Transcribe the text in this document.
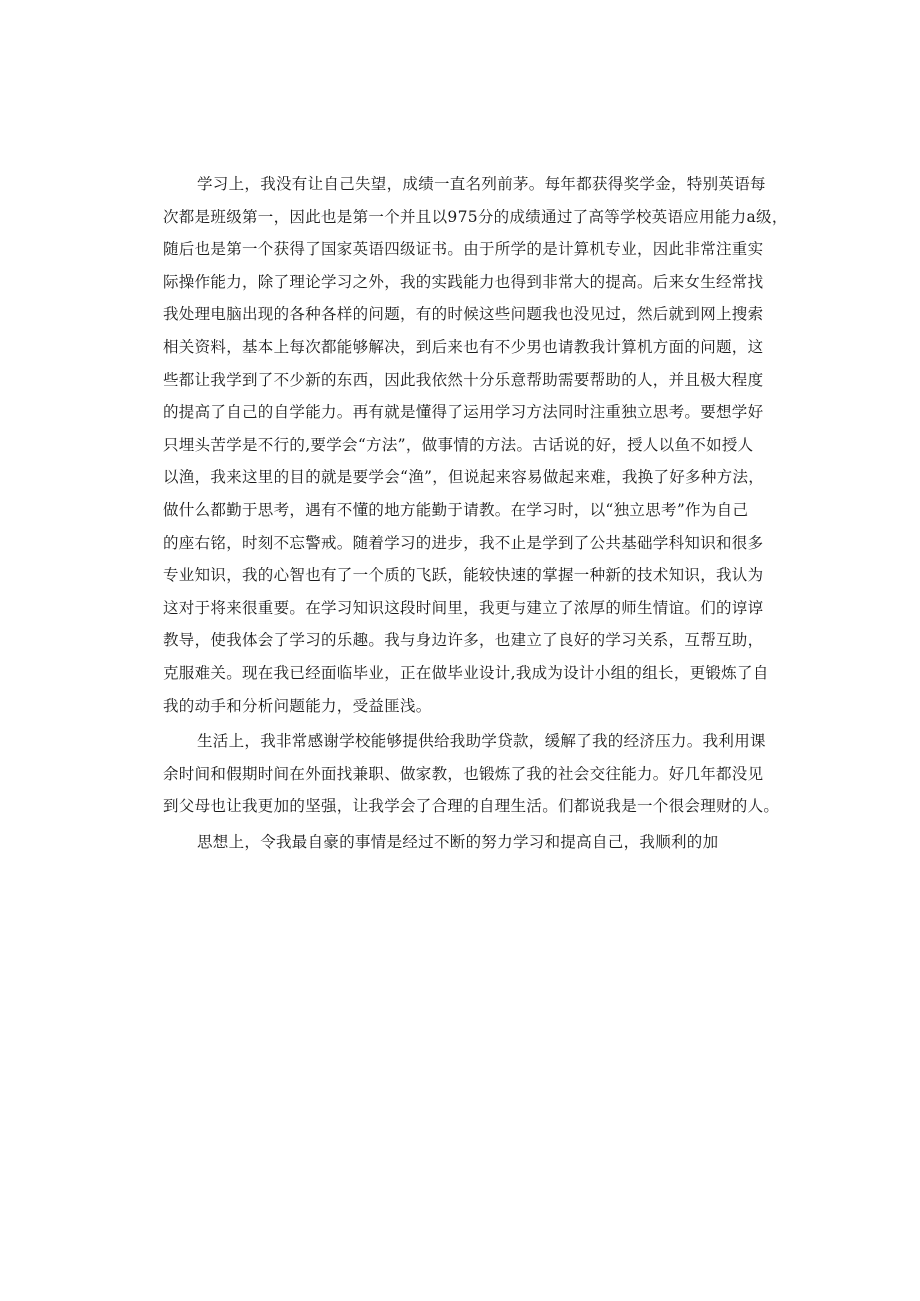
学习上，我没有让自己失望，成绩一直名列前茅。每年都获得奖学金，特别英语每
次都是班级第一，因此也是第一个并且以975分的成绩通过了高等学校英语应用能力a级，
随后也是第一个获得了国家英语四级证书。由于所学的是计算机专业，因此非常注重实
际操作能力，除了理论学习之外，我的实践能力也得到非常大的提高。后来女生经常找
我处理电脑出现的各种各样的问题，有的时候这些问题我也没见过，然后就到网上搜索
相关资料，基本上每次都能够解决，到后来也有不少男也请教我计算机方面的问题，这
些都让我学到了不少新的东西，因此我依然十分乐意帮助需要帮助的人，并且极大程度
的提高了自己的自学能力。再有就是懂得了运用学习方法同时注重独立思考。要想学好
只埋头苦学是不行的,要学会“方法”，做事情的方法。古话说的好，授人以鱼不如授人
以渔，我来这里的目的就是要学会“渔”，但说起来容易做起来难，我换了好多种方法，
做什么都勤于思考，遇有不懂的地方能勤于请教。在学习时，以“独立思考”作为自己
的座右铭，时刻不忘警戒。随着学习的进步，我不止是学到了公共基础学科知识和很多
专业知识，我的心智也有了一个质的飞跃，能较快速的掌握一种新的技术知识，我认为
这对于将来很重要。在学习知识这段时间里，我更与建立了浓厚的师生情谊。们的谆谆
教导，使我体会了学习的乐趣。我与身边许多，也建立了良好的学习关系，互帮互助，
克服难关。现在我已经面临毕业，正在做毕业设计,我成为设计小组的组长，更锻炼了自
我的动手和分析问题能力，受益匪浅。
生活上，我非常感谢学校能够提供给我助学贷款，缓解了我的经济压力。我利用课
余时间和假期时间在外面找兼职、做家教，也锻炼了我的社会交往能力。好几年都没见
到父母也让我更加的坚强，让我学会了合理的自理生活。们都说我是一个很会理财的人。
思想上，令我最自豪的事情是经过不断的努力学习和提高自己，我顺利的加
